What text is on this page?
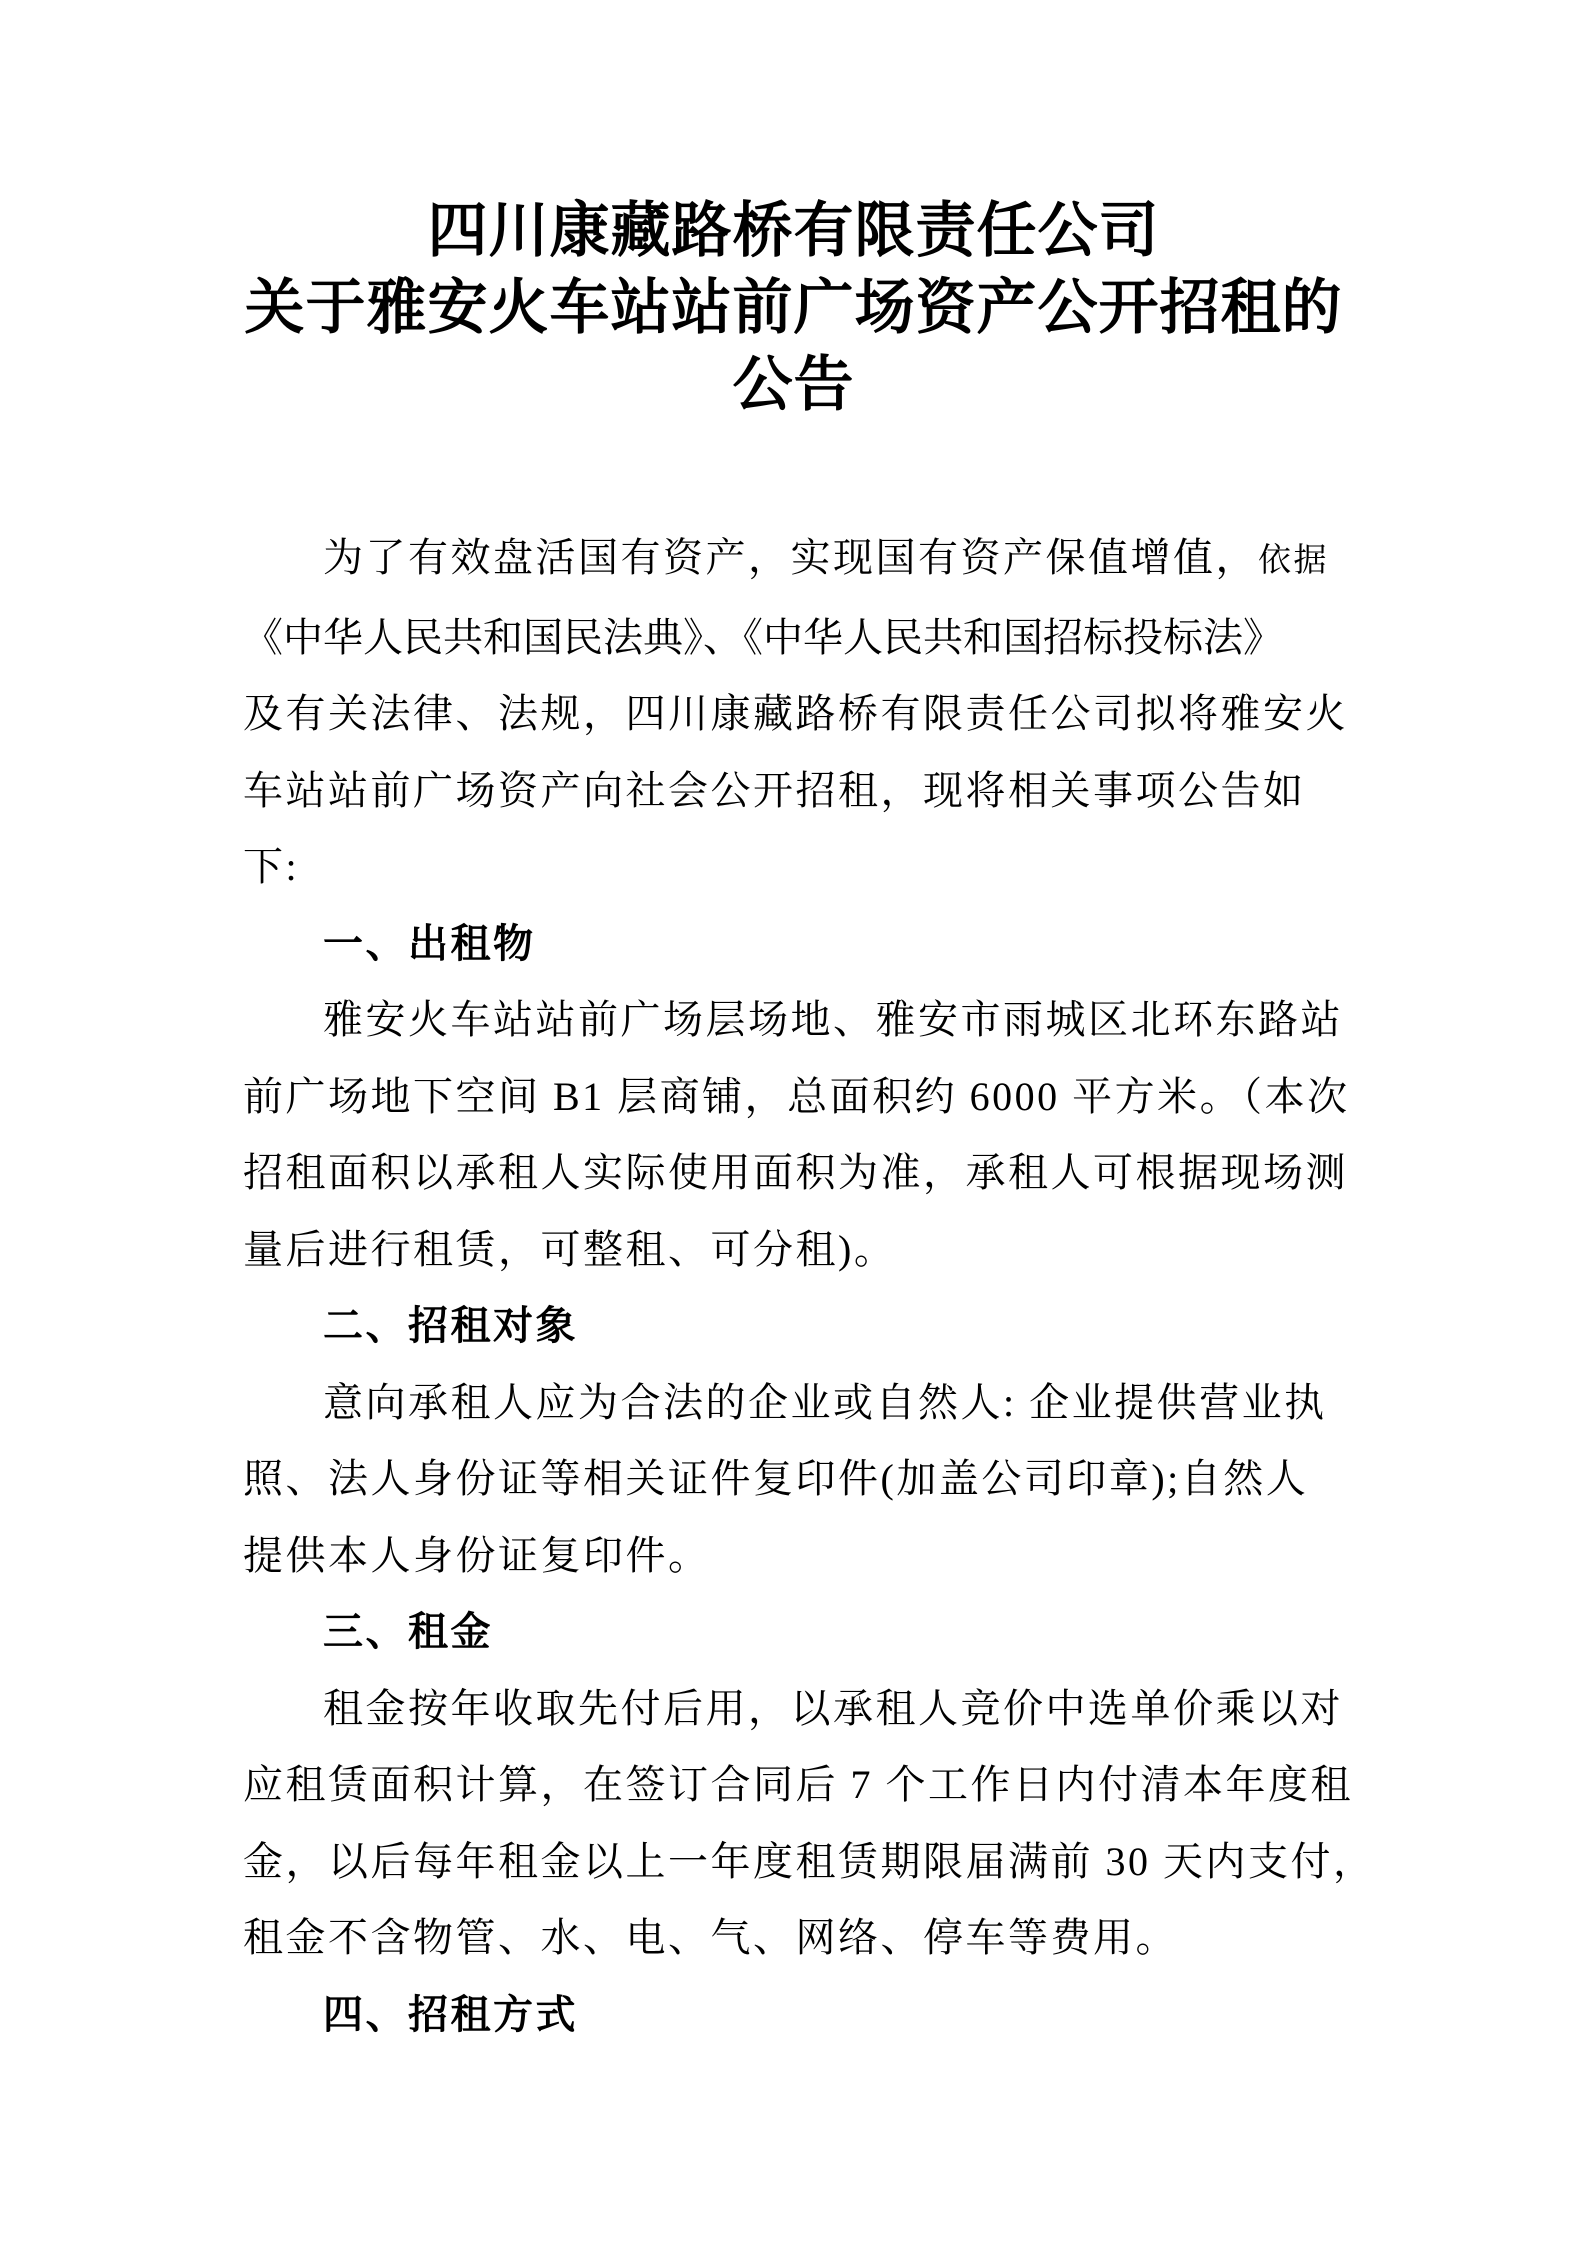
四川康藏路桥有限责任公司
关于雅安火车站站前广场资产公开招租的
公告
为了有效盘活国有资产，实现国有资产保值增值，依据
《中华人民共和国民法典》、《中华人民共和国招标投标法》
及有关法律、法规，四川康藏路桥有限责任公司拟将雅安火
车站站前广场资产向社会公开招租，现将相关事项公告如
下:
一、出租物
雅安火车站站前广场层场地、雅安市雨城区北环东路站
前广场地下空间 B1 层商铺，总面积约 6000 平方米。（本次
招租面积以承租人实际使用面积为准，承租人可根据现场测
量后进行租赁，可整租、可分租)。
二、招租对象
意向承租人应为合法的企业或自然人: 企业提供营业执
照、法人身份证等相关证件复印件(加盖公司印章);自然人
提供本人身份证复印件。
三、租金
租金按年收取先付后用，以承租人竞价中选单价乘以对
应租赁面积计算，在签订合同后 7 个工作日内付清本年度租
金，以后每年租金以上一年度租赁期限届满前 30 天内支付，
租金不含物管、水、电、气、网络、停车等费用。
四、招租方式
